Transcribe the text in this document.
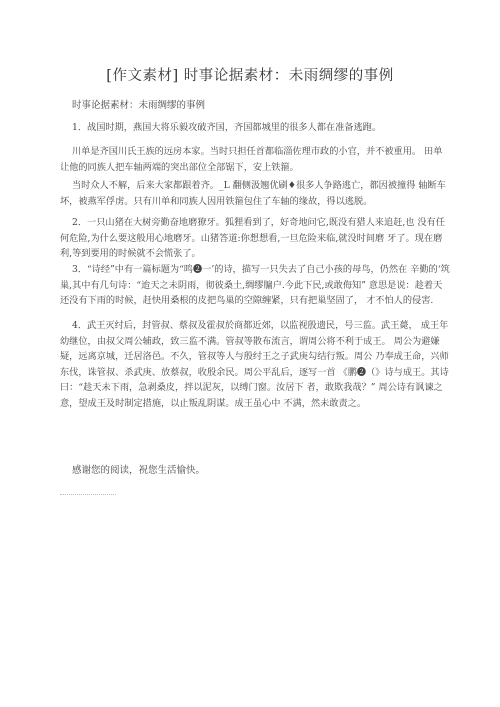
[作文素材] 时事论据素材：未雨绸缪的事例
时事论据素材：未雨绸缪的事例

1．战国时期，燕国大将乐毅攻破齐国，齐国都城里的很多人都在准备逃跑。

川单是齐国川氏王族的远房本家。当时只担任首都临淄佐理市政的小官，并不被重用。 田单让他的同族人把车轴两端的突出部位全部锯下，安上铁箍。

当时众人不解，后来大家都跟着齐。_L 翻侧汲翘优刷♦很多人争路逃亡，都因被撞得 轴断车坏，被燕军俘虏。只有川单和同族人因用铁箍包住了车轴的缘故，得以逃脱。

2．一只山猪在大树旁勤奋地磨獠牙。狐狸看到了，好奇地问它,既没有猎人来追赶,也 没有任何危险,为什么要这般用心地磨牙。山猪答道:你想想看,一旦危险来临,就没时间磨 牙了。现在磨利,等到要用的时候就不会慌张了。

3．“诗经”中有一篇标题为“鸣❷一’的诗，描写一只失去了自己小孩的母鸟，仍然在 辛勤的‘筑巢,其中有几句诗：“迨天之未阴雨，彻彼桑土,绸缪牖户.今此下民,或敢侮知” 意思是说：趁着天还没有下雨的时候，赶快用桑根的皮把鸟巢的空隙缠紧，只有把巢坚固了， 才不怕人的侵害.

4．武王灭纣后，封管叔、蔡叔及霍叔於商都近郊，以监视殷遗民，号三监。武王薨， 成王年幼继位，由叔父周公辅政，致三监不满。管叔等散布流言，谓周公将不利于成王。 周公为避嫌疑，远离京城，迁居洛邑。不久，管叔等人与殷纣王之子武庚勾结行叛。周公 乃奉成王命，兴师东伐，诛管叔、杀武庚、放蔡叔，收殷余民。周公平乱后，逐写一首 《鹏❷（》诗与成王。其诗曰：“趁天未下雨，急剥桑皮，拌以泥灰，以缚门窗。汝居下 者，敢欺我哉？” 周公诗有讽谏之意，望成王及时制定措施，以止叛乱阴谋。成王虽心中 不满，然未敢责之。

感谢您的阅读，祝您生活愉快。
